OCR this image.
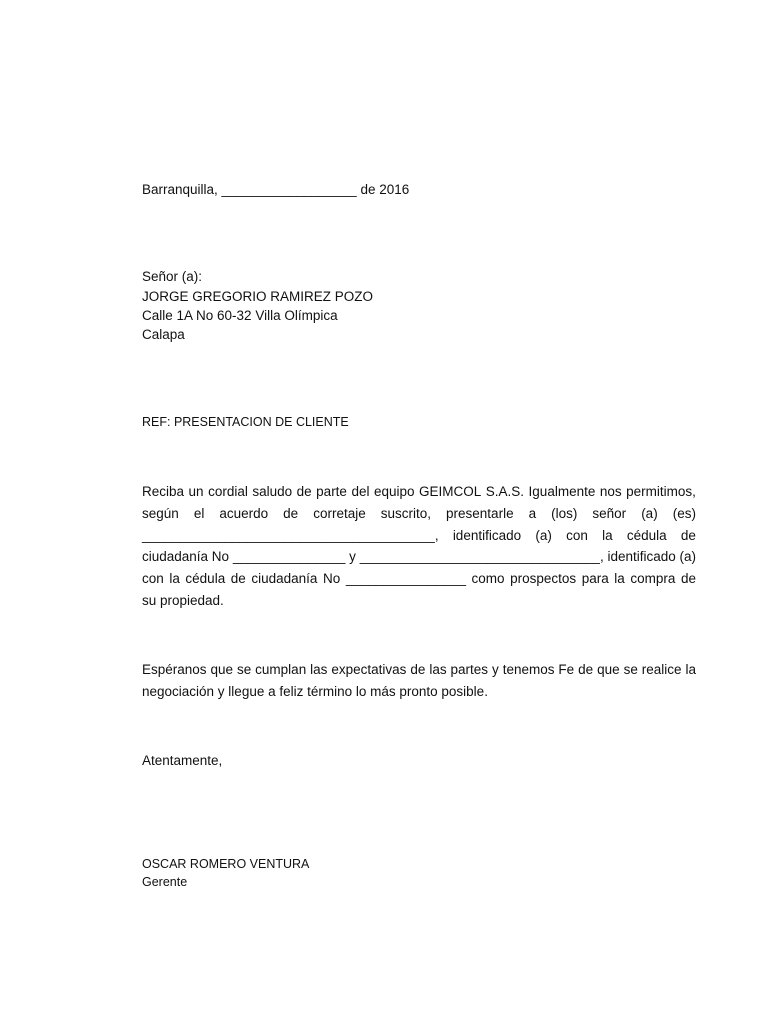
Barranquilla, __________________ de 2016

Señor (a):

JORGE GREGORIO RAMIREZ POZO

Calle 1A No 60-32 Villa Olímpica

Calapa

REF: PRESENTACION DE CLIENTE

Reciba un cordial saludo de parte del equipo GEIMCOL S.A.S. Igualmente nos permitimos,
según el acuerdo de corretaje suscrito, presentarle a (los) señor (a) (es)
_______________________________________, identificado (a) con la cédula de
ciudadanía No _______________ y ________________________________, identificado (a)
con la cédula de ciudadanía No ________________ como prospectos para la compra de
su propiedad.
Espéranos que se cumplan las expectativas de las partes y tenemos Fe de que se realice la
negociación y llegue a feliz término lo más pronto posible.

Atentamente,

OSCAR ROMERO VENTURA

Gerente
